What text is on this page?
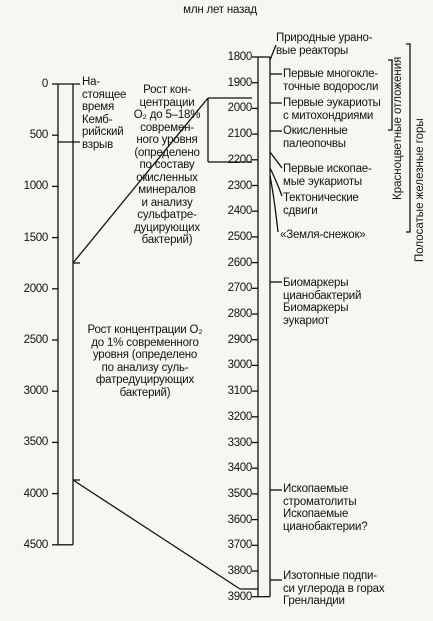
млн лет назад
0
500
1000
1500
2000
2500
3000
3500
4000
4500
1800
1900
2000
2100
2200
2300
2400
2500
2600
2700
2800
2900
3000
3100
3200
3300
3400
3500
3600
3700
3800
3900
На-
стоящее
время
Кемб-
рийский
взрыв
Рост кон-
центрации
O₂ до 5–18%
современ-
ного уровня
(определено
по составу
окисленных
минералов
и анализу
сульфатре-
дуцирующих
бактерий)
Рост концентрации O₂
до 1% современного
уровня (определено
по анализу суль-
фатредуцирующих
бактерий)
Природные урано-
вые реакторы
Первые многокле-
точные водоросли
Первые эукариоты
с митохондриями
Окисленные
палеопочвы
Первые ископае-
мые эукариоты
Тектонические
сдвиги
«Земля-снежок»
Биомаркеры
цианобактерий
Биомаркеры
эукариот
Ископаемые
строматолиты
Ископаемые
цианобактерии?
Изотопные подпи-
си углерода в горах
Гренландии
Красноцветные отложения Полосатые железные горы
